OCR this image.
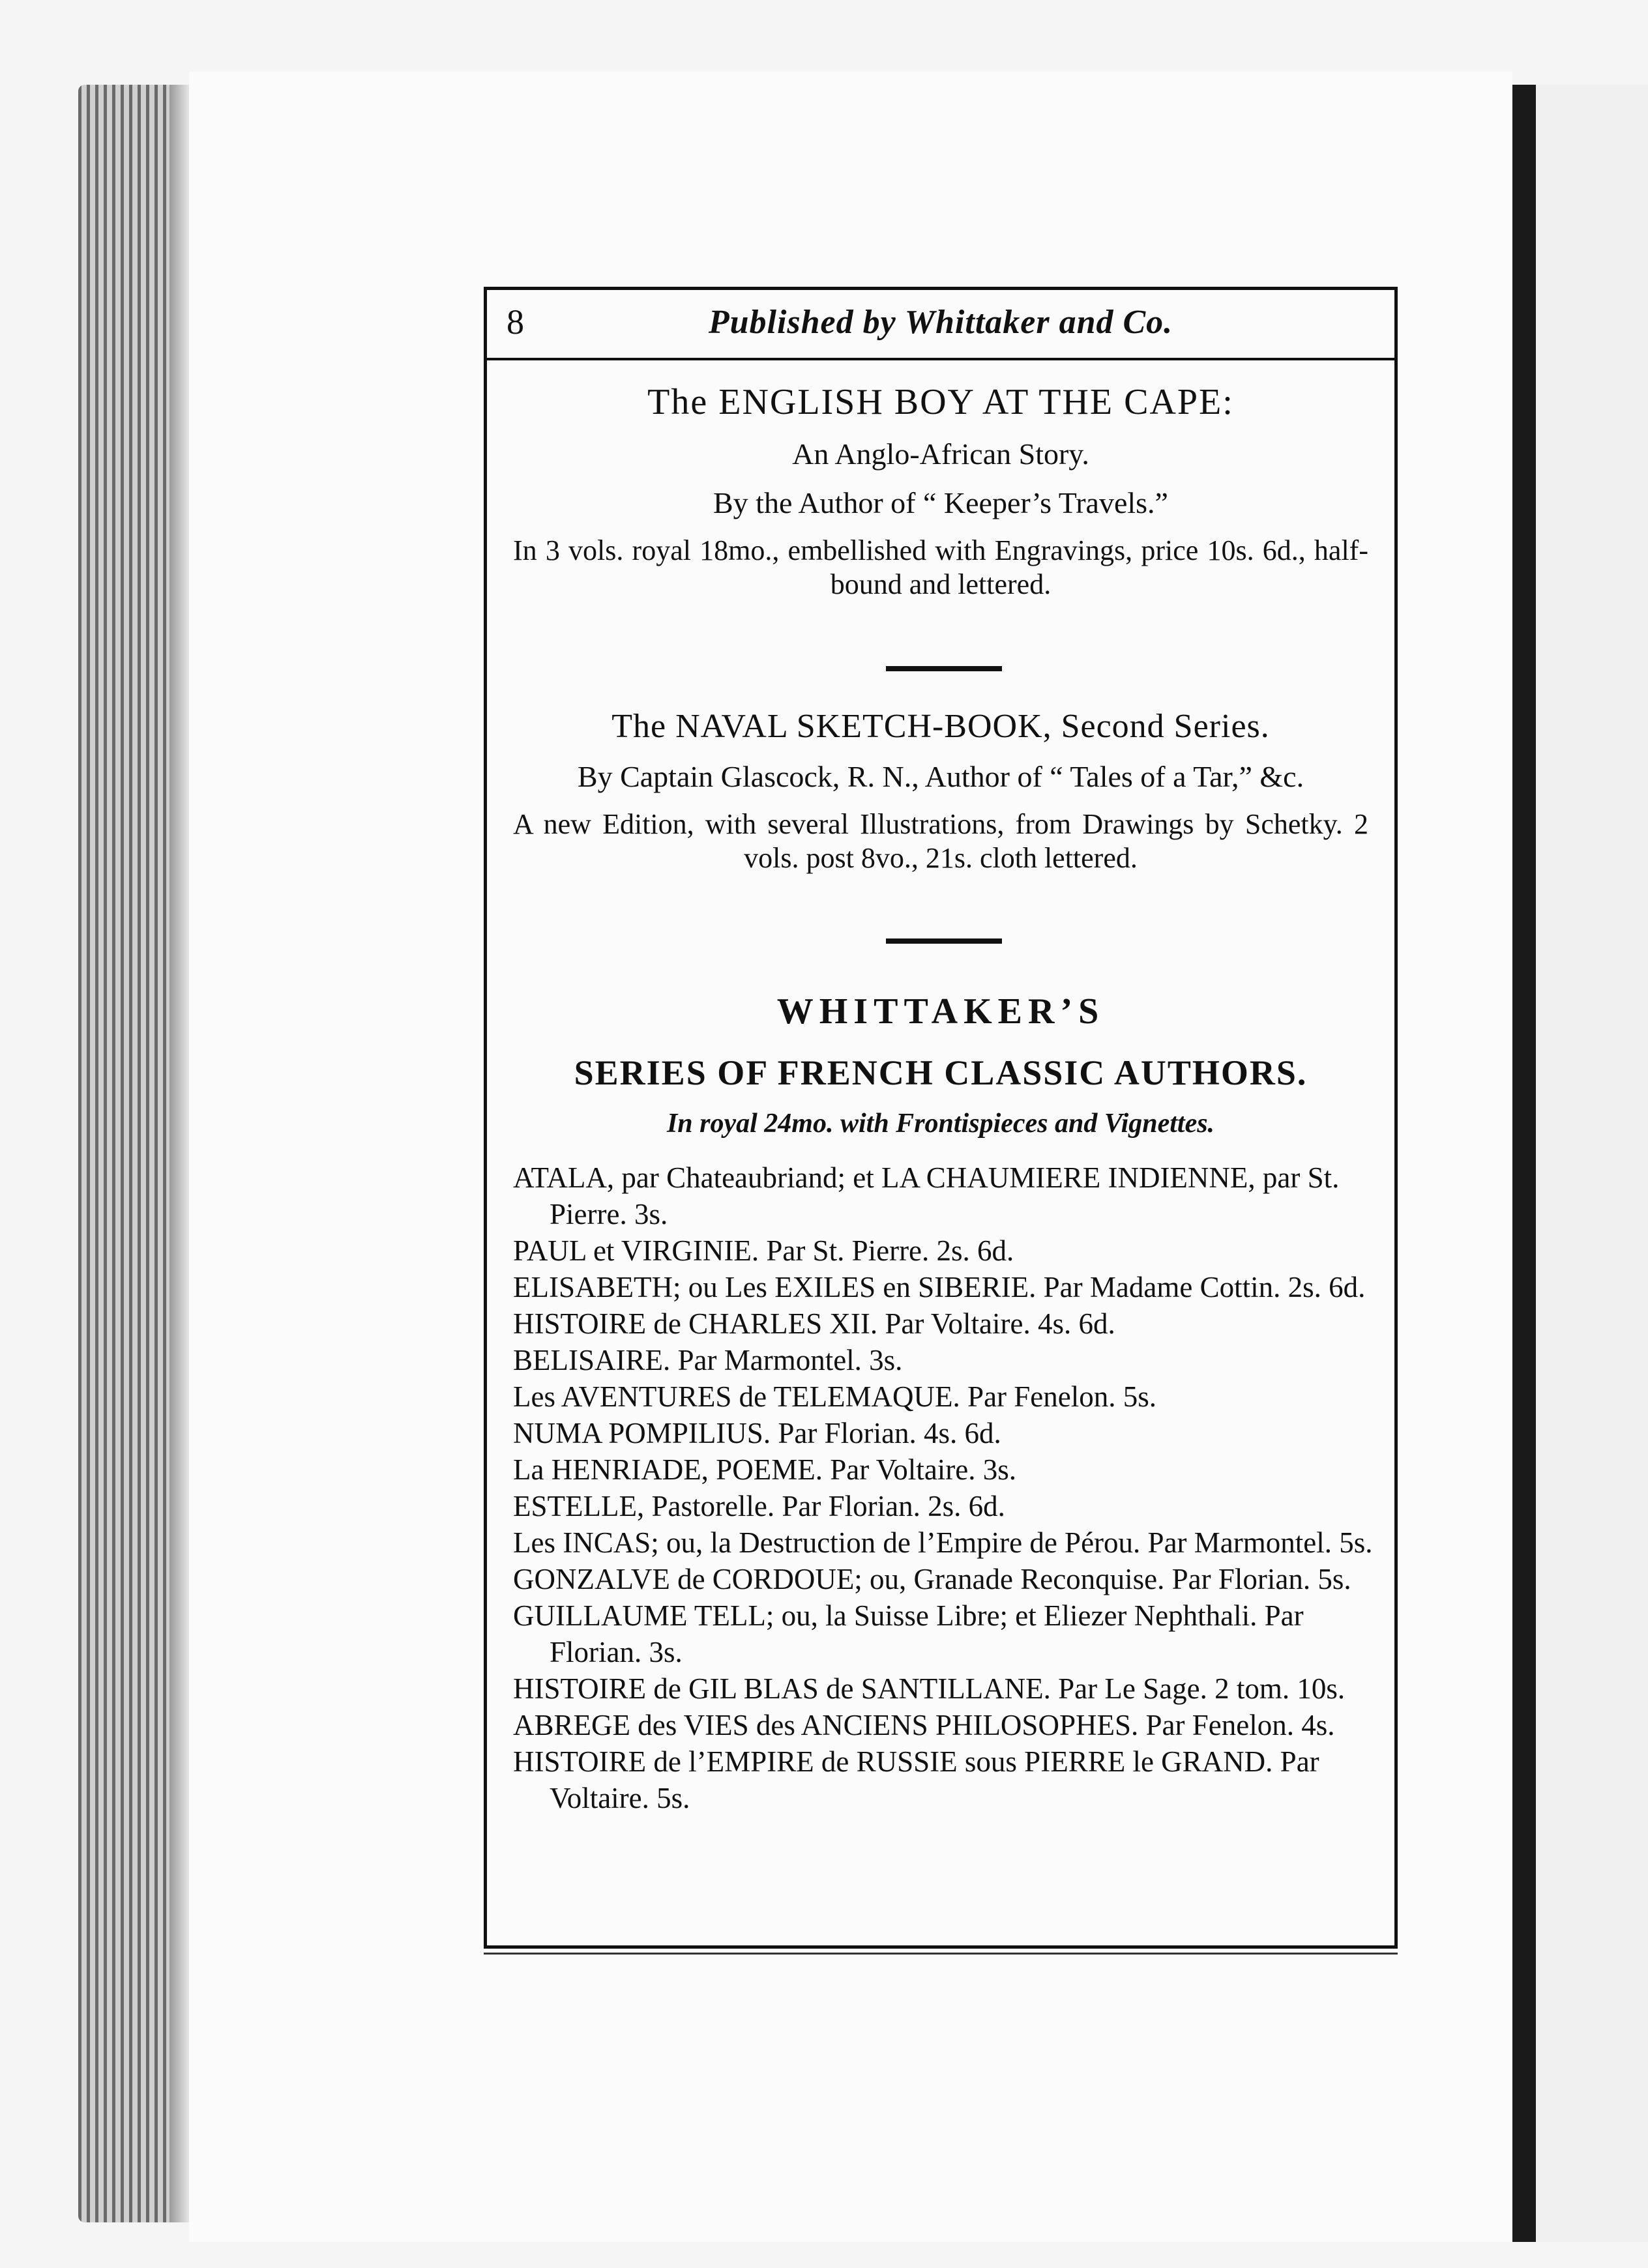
8	Published by Whittaker and Co.
The ENGLISH BOY AT THE CAPE:
An Anglo-African Story.
By the Author of “ Keeper’s Travels.”
In 3 vols. royal 18mo., embellished with Engravings, price 10s. 6d., half-bound and lettered.
The NAVAL SKETCH-BOOK, Second Series.
By Captain Glascock, R. N., Author of “ Tales of a Tar,” &c.
A new Edition, with several Illustrations, from Drawings by Schetky. 2 vols. post 8vo., 21s. cloth lettered.
WHITTAKER’S
SERIES OF FRENCH CLASSIC AUTHORS.
In royal 24mo. with Frontispieces and Vignettes.

ATALA, par Chateaubriand; et LA CHAUMIERE INDIENNE, par St. Pierre. 3s.

PAUL et VIRGINIE. Par St. Pierre. 2s. 6d.

ELISABETH; ou Les EXILES en SIBERIE. Par Madame Cottin. 2s. 6d.

HISTOIRE de CHARLES XII. Par Voltaire. 4s. 6d.

BELISAIRE. Par Marmontel. 3s.

Les AVENTURES de TELEMAQUE. Par Fenelon. 5s.

NUMA POMPILIUS. Par Florian. 4s. 6d.

La HENRIADE, POEME. Par Voltaire. 3s.

ESTELLE, Pastorelle. Par Florian. 2s. 6d.

Les INCAS; ou, la Destruction de l’Empire de Pérou. Par Marmontel. 5s.

GONZALVE de CORDOUE; ou, Granade Reconquise. Par Florian. 5s.

GUILLAUME TELL; ou, la Suisse Libre; et Eliezer Nephthali. Par Florian. 3s.

HISTOIRE de GIL BLAS de SANTILLANE. Par Le Sage. 2 tom. 10s.

ABREGE des VIES des ANCIENS PHILOSOPHES. Par Fenelon. 4s.

HISTOIRE de l’EMPIRE de RUSSIE sous PIERRE le GRAND. Par Voltaire. 5s.
